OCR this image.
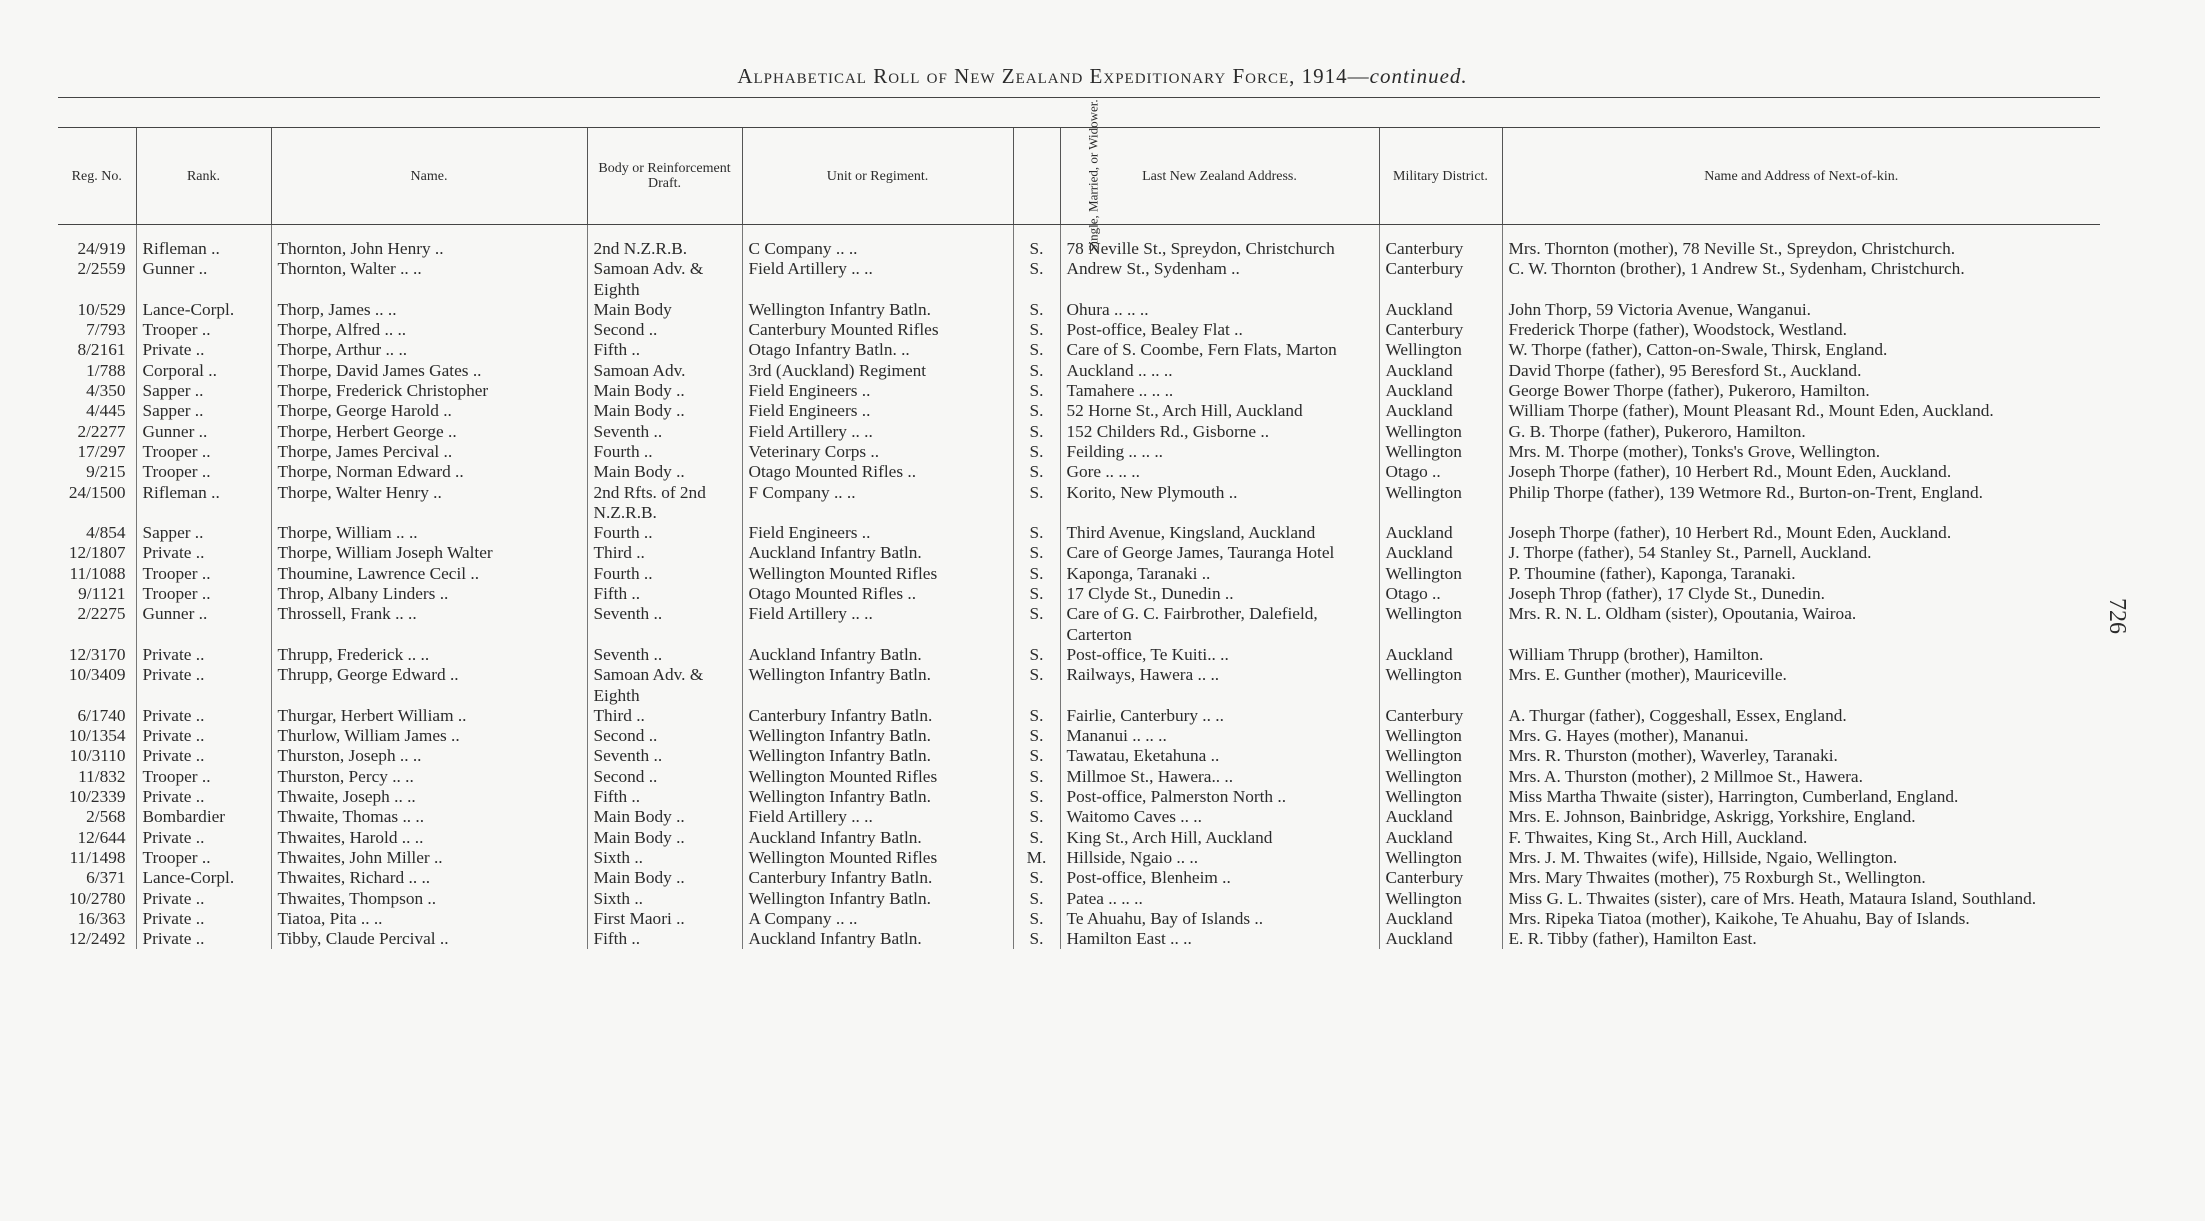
Alphabetical Roll of New Zealand Expeditionary Force, 1914—continued.
726
Reg. No.	Rank.	Name.	Body or Reinforcement Draft.	Unit or Regiment.	Single, Married, or Widower.	Last New Zealand Address.	Military District.	Name and Address of Next-of-kin.

24/919	Rifleman ..	Thornton, John Henry ..	2nd N.Z.R.B.	C Company .. ..	S.	78 Neville St., Spreydon, Christchurch	Canterbury	Mrs. Thornton (mother), 78 Neville St., Spreydon, Christchurch.
2/2559	Gunner ..	Thornton, Walter .. ..	Samoan Adv. & Eighth	Field Artillery .. ..	S.	Andrew St., Sydenham ..	Canterbury	C. W. Thornton (brother), 1 Andrew St., Sydenham, Christchurch.
10/529	Lance-Corpl.	Thorp, James .. ..	Main Body	Wellington Infantry Batln.	S.	Ohura .. .. ..	Auckland	John Thorp, 59 Victoria Avenue, Wanganui.
7/793	Trooper ..	Thorpe, Alfred .. ..	Second ..	Canterbury Mounted Rifles	S.	Post-office, Bealey Flat ..	Canterbury	Frederick Thorpe (father), Woodstock, Westland.
8/2161	Private ..	Thorpe, Arthur .. ..	Fifth ..	Otago Infantry Batln. ..	S.	Care of S. Coombe, Fern Flats, Marton	Wellington	W. Thorpe (father), Catton-on-Swale, Thirsk, England.
1/788	Corporal ..	Thorpe, David James Gates ..	Samoan Adv.	3rd (Auckland) Regiment	S.	Auckland .. .. ..	Auckland	David Thorpe (father), 95 Beresford St., Auckland.
4/350	Sapper ..	Thorpe, Frederick Christopher	Main Body ..	Field Engineers ..	S.	Tamahere .. .. ..	Auckland	George Bower Thorpe (father), Pukeroro, Hamilton.
4/445	Sapper ..	Thorpe, George Harold ..	Main Body ..	Field Engineers ..	S.	52 Horne St., Arch Hill, Auckland	Auckland	William Thorpe (father), Mount Pleasant Rd., Mount Eden, Auckland.
2/2277	Gunner ..	Thorpe, Herbert George ..	Seventh ..	Field Artillery .. ..	S.	152 Childers Rd., Gisborne ..	Wellington	G. B. Thorpe (father), Pukeroro, Hamilton.
17/297	Trooper ..	Thorpe, James Percival ..	Fourth ..	Veterinary Corps ..	S.	Feilding .. .. ..	Wellington	Mrs. M. Thorpe (mother), Tonks's Grove, Wellington.
9/215	Trooper ..	Thorpe, Norman Edward ..	Main Body ..	Otago Mounted Rifles ..	S.	Gore .. .. ..	Otago ..	Joseph Thorpe (father), 10 Herbert Rd., Mount Eden, Auckland.
24/1500	Rifleman ..	Thorpe, Walter Henry ..	2nd Rfts. of 2nd N.Z.R.B.	F Company .. ..	S.	Korito, New Plymouth ..	Wellington	Philip Thorpe (father), 139 Wetmore Rd., Burton-on-Trent, England.
4/854	Sapper ..	Thorpe, William .. ..	Fourth ..	Field Engineers ..	S.	Third Avenue, Kingsland, Auckland	Auckland	Joseph Thorpe (father), 10 Herbert Rd., Mount Eden, Auckland.
12/1807	Private ..	Thorpe, William Joseph Walter	Third ..	Auckland Infantry Batln.	S.	Care of George James, Tauranga Hotel	Auckland	J. Thorpe (father), 54 Stanley St., Parnell, Auckland.
11/1088	Trooper ..	Thoumine, Lawrence Cecil ..	Fourth ..	Wellington Mounted Rifles	S.	Kaponga, Taranaki ..	Wellington	P. Thoumine (father), Kaponga, Taranaki.
9/1121	Trooper ..	Throp, Albany Linders ..	Fifth ..	Otago Mounted Rifles ..	S.	17 Clyde St., Dunedin ..	Otago ..	Joseph Throp (father), 17 Clyde St., Dunedin.
2/2275	Gunner ..	Throssell, Frank .. ..	Seventh ..	Field Artillery .. ..	S.	Care of G. C. Fairbrother, Dalefield, Carterton	Wellington	Mrs. R. N. L. Oldham (sister), Opoutania, Wairoa.
12/3170	Private ..	Thrupp, Frederick .. ..	Seventh ..	Auckland Infantry Batln.	S.	Post-office, Te Kuiti.. ..	Auckland	William Thrupp (brother), Hamilton.
10/3409	Private ..	Thrupp, George Edward ..	Samoan Adv. & Eighth	Wellington Infantry Batln.	S.	Railways, Hawera .. ..	Wellington	Mrs. E. Gunther (mother), Mauriceville.
6/1740	Private ..	Thurgar, Herbert William ..	Third ..	Canterbury Infantry Batln.	S.	Fairlie, Canterbury .. ..	Canterbury	A. Thurgar (father), Coggeshall, Essex, England.
10/1354	Private ..	Thurlow, William James ..	Second ..	Wellington Infantry Batln.	S.	Mananui .. .. ..	Wellington	Mrs. G. Hayes (mother), Mananui.
10/3110	Private ..	Thurston, Joseph .. ..	Seventh ..	Wellington Infantry Batln.	S.	Tawatau, Eketahuna ..	Wellington	Mrs. R. Thurston (mother), Waverley, Taranaki.
11/832	Trooper ..	Thurston, Percy .. ..	Second ..	Wellington Mounted Rifles	S.	Millmoe St., Hawera.. ..	Wellington	Mrs. A. Thurston (mother), 2 Millmoe St., Hawera.
10/2339	Private ..	Thwaite, Joseph .. ..	Fifth ..	Wellington Infantry Batln.	S.	Post-office, Palmerston North ..	Wellington	Miss Martha Thwaite (sister), Harrington, Cumberland, England.
2/568	Bombardier	Thwaite, Thomas .. ..	Main Body ..	Field Artillery .. ..	S.	Waitomo Caves .. ..	Auckland	Mrs. E. Johnson, Bainbridge, Askrigg, Yorkshire, England.
12/644	Private ..	Thwaites, Harold .. ..	Main Body ..	Auckland Infantry Batln.	S.	King St., Arch Hill, Auckland	Auckland	F. Thwaites, King St., Arch Hill, Auckland.
11/1498	Trooper ..	Thwaites, John Miller ..	Sixth ..	Wellington Mounted Rifles	M.	Hillside, Ngaio .. ..	Wellington	Mrs. J. M. Thwaites (wife), Hillside, Ngaio, Wellington.
6/371	Lance-Corpl.	Thwaites, Richard .. ..	Main Body ..	Canterbury Infantry Batln.	S.	Post-office, Blenheim ..	Canterbury	Mrs. Mary Thwaites (mother), 75 Roxburgh St., Wellington.
10/2780	Private ..	Thwaites, Thompson ..	Sixth ..	Wellington Infantry Batln.	S.	Patea .. .. ..	Wellington	Miss G. L. Thwaites (sister), care of Mrs. Heath, Mataura Island, Southland.
16/363	Private ..	Tiatoa, Pita .. ..	First Maori ..	A Company .. ..	S.	Te Ahuahu, Bay of Islands ..	Auckland	Mrs. Ripeka Tiatoa (mother), Kaikohe, Te Ahuahu, Bay of Islands.
12/2492	Private ..	Tibby, Claude Percival ..	Fifth ..	Auckland Infantry Batln.	S.	Hamilton East .. ..	Auckland	E. R. Tibby (father), Hamilton East.
